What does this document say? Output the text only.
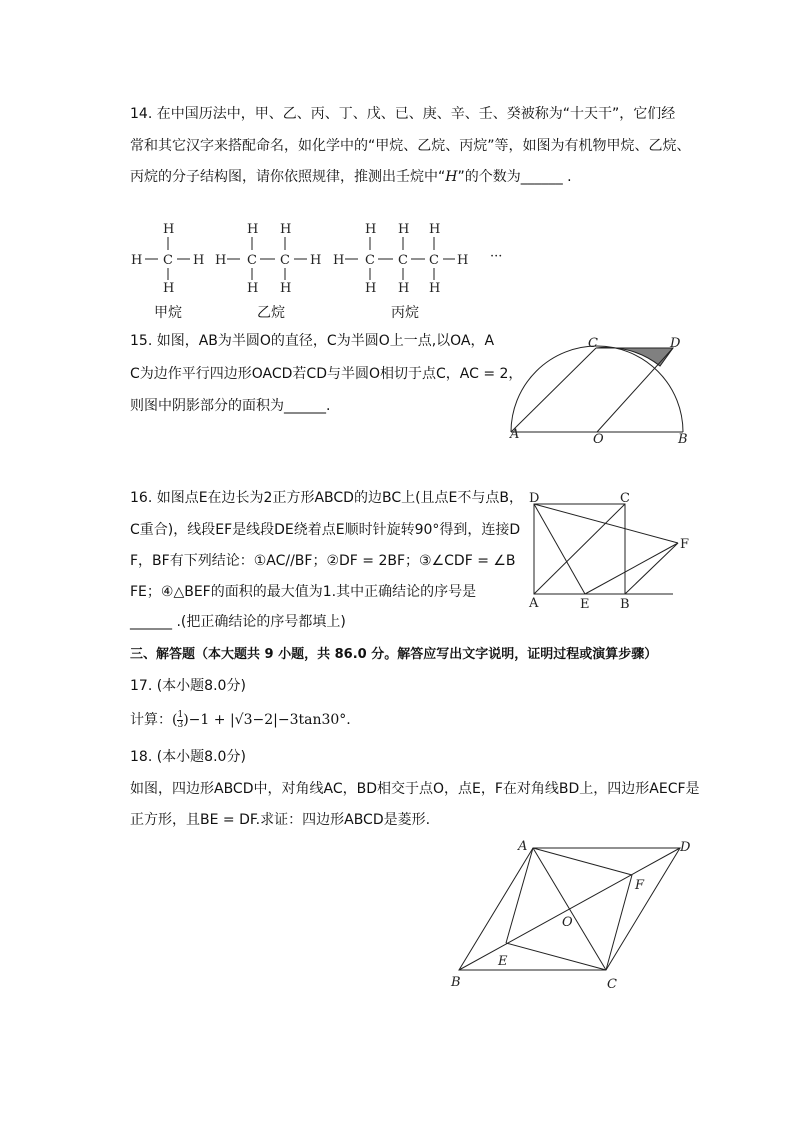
14. 在中国历法中，甲、乙、丙、丁、戊、已、庚、辛、壬、癸被称为“十天干”，它们经
常和其它汉字来搭配命名，如化学中的“甲烷、乙烷、丙烷”等，如图为有机物甲烷、乙烷、
丙烷的分子结构图，请你依照规律，推测出壬烷中“H”的个数为______ .
H C H
H
H
H C C H
H H
H H
H C C C H
H H H
H H H
···
甲烷	乙烷	丙烷
15. 如图，AB为半圆O的直径，C为半圆O上一点,以OA，A
C为边作平行四边形OACD若CD与半圆O相切于点C，AC = 2，
则图中阴影部分的面积为______.
A	B
C	D
O
16. 如图点E在边长为2正方形ABCD的边BC上(且点E不与点B，
C重合)，线段EF是线段DE绕着点E顺时针旋转90°得到，连接D
F，BF有下列结论：①AC//BF；②DF = 2BF；③∠CDF = ∠B
FE；④△BEF的面积的最大值为1.其中正确结论的序号是
______ .(把正确结论的序号都填上)
D	C
A	E B
F
三、解答题（本大题共 9 小题，共 86.0 分。解答应写出文字说明，证明过程或演算步骤）
17. (本小题8.0分)
计算：( $\frac{1}{3} )-1 + |√3-2|-3\tan 30^\circ$.
18. (本小题8.0分)
如图，四边形ABCD中，对角线AC，BD相交于点O，点E，F在对角线BD上，四边形AECF是
正方形，且BE = DF.求证：四边形ABCD是菱形.
A	D
F
O
E
B	C
